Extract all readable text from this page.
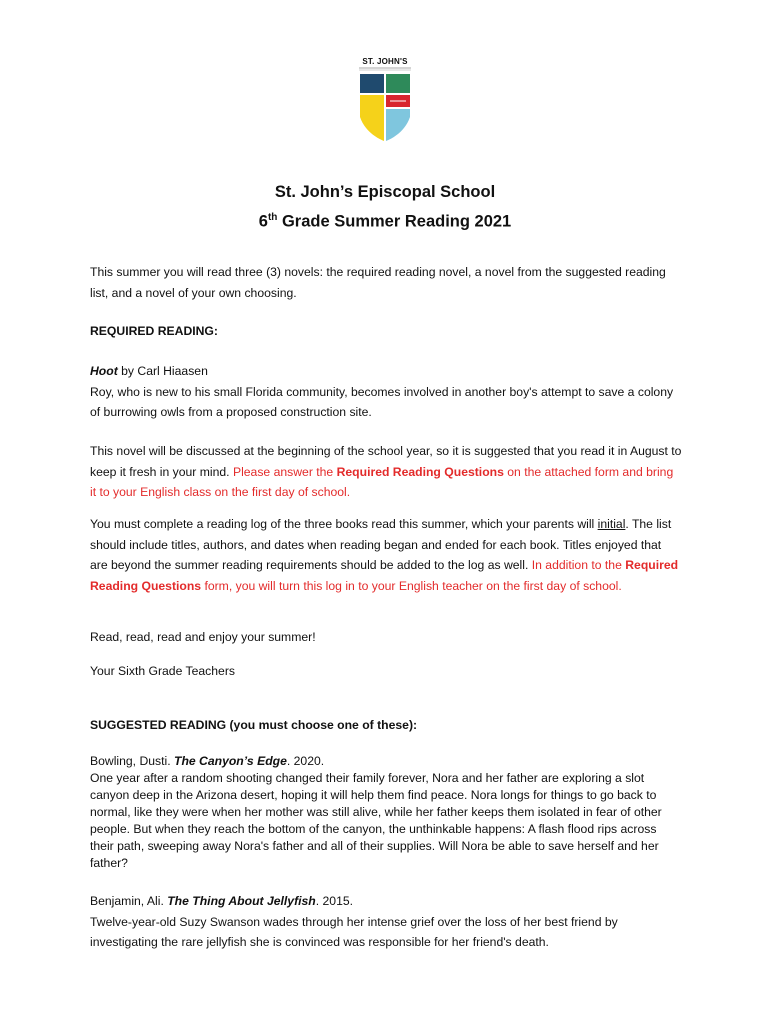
ST. JOHN'S
St. John’s Episcopal School
6th Grade Summer Reading 2021
This summer you will read three (3) novels: the required reading novel, a novel from the suggested reading list, and a novel of your own choosing.
REQUIRED READING:
Hoot by Carl Hiaasen
Roy, who is new to his small Florida community, becomes involved in another boy's attempt to save a colony of burrowing owls from a proposed construction site.
This novel will be discussed at the beginning of the school year, so it is suggested that you read it in August to keep it fresh in your mind. Please answer the Required Reading Questions on the attached form and bring it to your English class on the first day of school.
You must complete a reading log of the three books read this summer, which your parents will initial. The list should include titles, authors, and dates when reading began and ended for each book. Titles enjoyed that are beyond the summer reading requirements should be added to the log as well. In addition to the Required Reading Questions form, you will turn this log in to your English teacher on the first day of school.
Read, read, read and enjoy your summer!
Your Sixth Grade Teachers
SUGGESTED READING (you must choose one of these):
Bowling, Dusti. The Canyon’s Edge. 2020.
One year after a random shooting changed their family forever, Nora and her father are exploring a slot canyon deep in the Arizona desert, hoping it will help them find peace. Nora longs for things to go back to normal, like they were when her mother was still alive, while her father keeps them isolated in fear of other people. But when they reach the bottom of the canyon, the unthinkable happens: A flash flood rips across their path, sweeping away Nora's father and all of their supplies. Will Nora be able to save herself and her father?
Benjamin, Ali. The Thing About Jellyfish. 2015.
Twelve-year-old Suzy Swanson wades through her intense grief over the loss of her best friend by investigating the rare jellyfish she is convinced was responsible for her friend's death.
